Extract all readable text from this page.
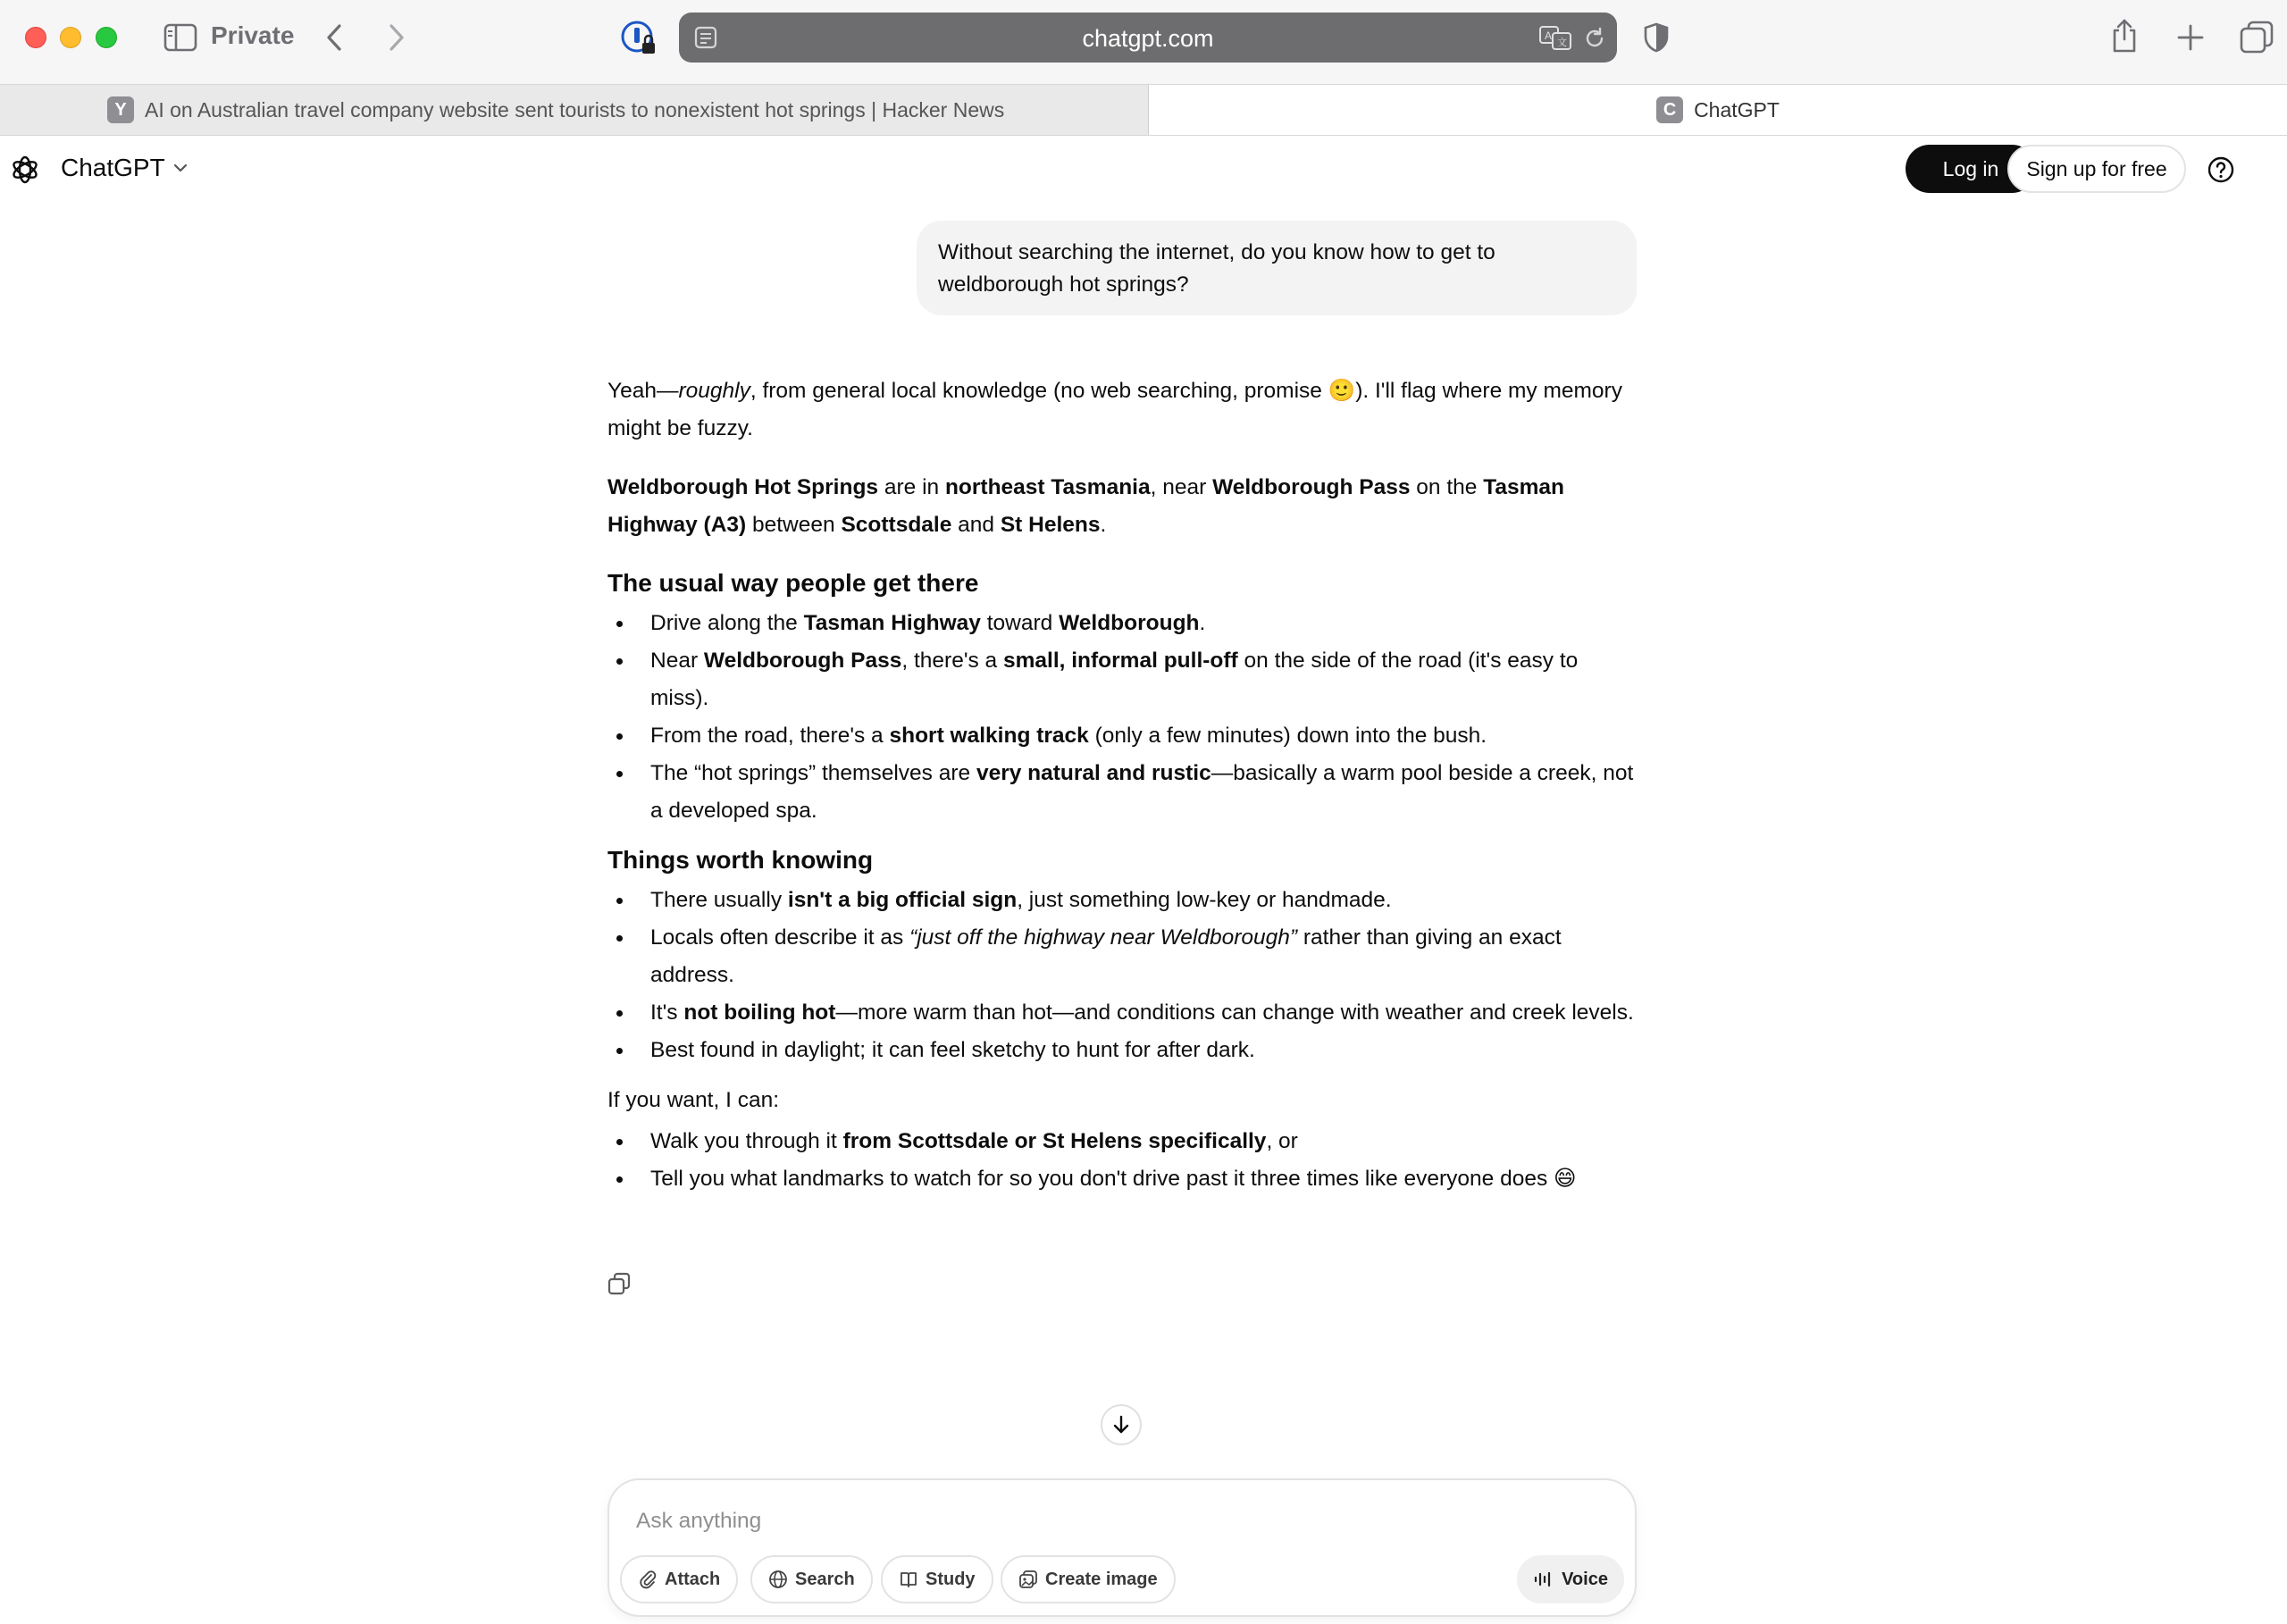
Private	chatgpt.com	A
文
Y AI on Australian travel company website sent tourists to nonexistent hot springs | Hacker News	C ChatGPT
ChatGPT	Log in	Sign up for free
Without searching the internet, do you know how to get to weldborough hot springs?

Yeah—roughly, from general local knowledge (no web searching, promise 🙂). I'll flag where my memory might be fuzzy.

Weldborough Hot Springs are in northeast Tasmania, near Weldborough Pass on the Tasman Highway (A3) between Scottsdale and St Helens.

The usual way people get there
Drive along the Tasman Highway toward Weldborough.
Near Weldborough Pass, there's a small, informal pull-off on the side of the road (it's easy to miss).
From the road, there's a short walking track (only a few minutes) down into the bush.
The “hot springs” themselves are very natural and rustic—basically a warm pool beside a creek, not a developed spa.
Things worth knowing
There usually isn't a big official sign, just something low-key or handmade.
Locals often describe it as “just off the highway near Weldborough” rather than giving an exact address.
It's not boiling hot—more warm than hot—and conditions can change with weather and creek levels.
Best found in daylight; it can feel sketchy to hunt for after dark.

If you want, I can:

Walk you through it from Scottsdale or St Helens specifically, or
Tell you what landmarks to watch for so you don't drive past it three times like everyone does 😄
Ask anything
Attach	Search	Study	Create image	Voice
